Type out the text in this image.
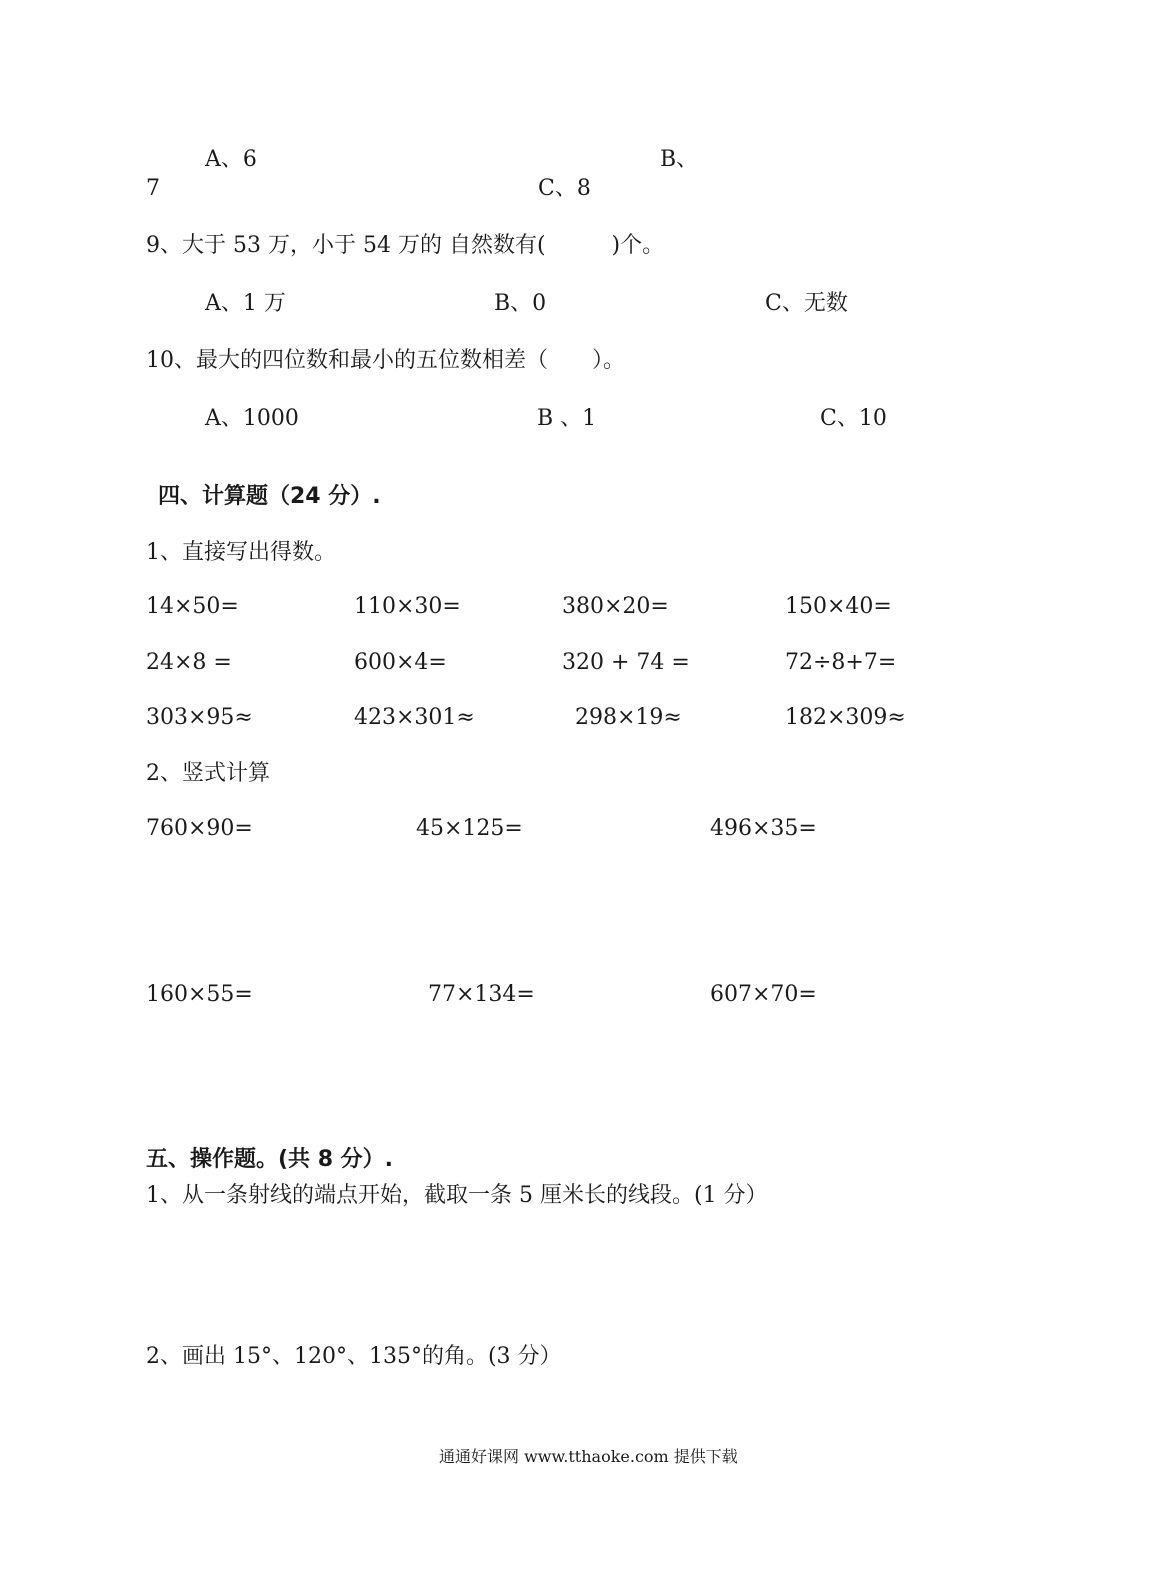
A、6	B、
7	C、8
9、大于 53 万，小于 54 万的 自然数有(　　　)个。
A、1 万	B、0	C、无数
10、最大的四位数和最小的五位数相差（　　）。
A、1000	B 、1	C、10
四、计算题（24 分）.
1、直接写出得数。
14×50=	110×30=	380×20=	150×40=
24×8 =	600×4=	320 + 74 =	72÷8+7=
303×95≈	423×301≈	298×19≈	182×309≈
2、竖式计算
760×90=	45×125=	496×35=
160×55=	77×134=	607×70=
五、操作题。(共 8 分）.
1、从一条射线的端点开始，截取一条 5 厘米长的线段。(1 分）
2、画出 15°、120°、135°的角。(3 分）
通通好课网 www.tthaoke.com 提供下载
